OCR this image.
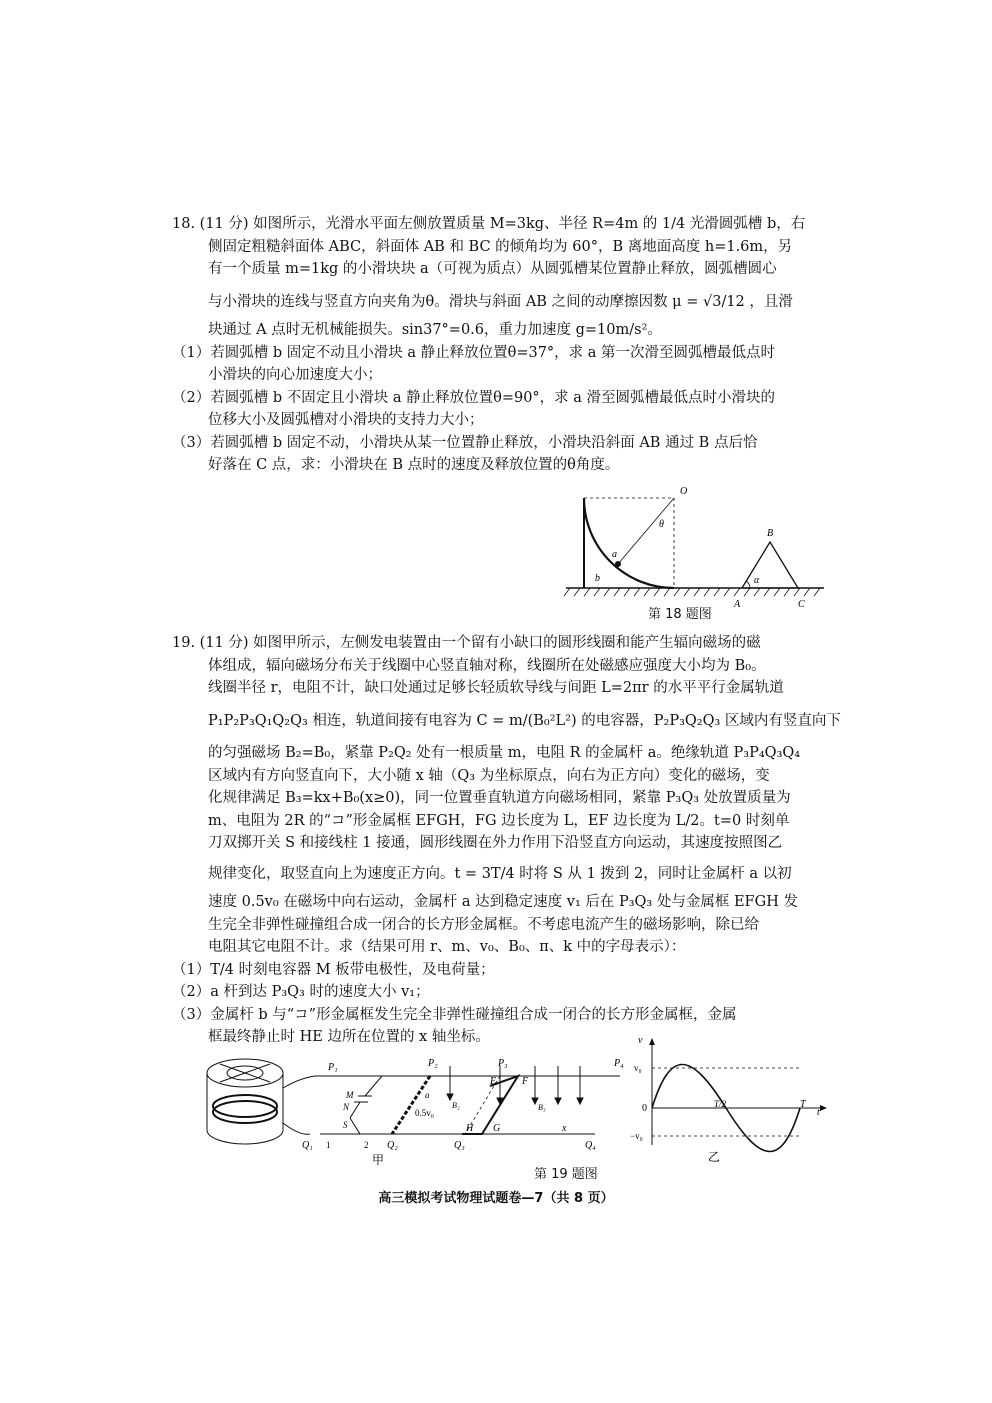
18. (11 分) 如图所示，光滑水平面左侧放置质量 M=3kg、半径 R=4m 的 1/4 光滑圆弧槽 b，右
侧固定粗糙斜面体 ABC，斜面体 AB 和 BC 的倾角均为 60°，B 离地面高度 h=1.6m，另
有一个质量 m=1kg 的小滑块块 a（可视为质点）从圆弧槽某位置静止释放，圆弧槽圆心
与小滑块的连线与竖直方向夹角为θ。滑块与斜面 AB 之间的动摩擦因数 μ = √3/12 ，且滑
块通过 A 点时无机械能损失。sin37°=0.6，重力加速度 g=10m/s²。
（1）若圆弧槽 b 固定不动且小滑块 a 静止释放位置θ=37°，求 a 第一次滑至圆弧槽最低点时
小滑块的向心加速度大小；
（2）若圆弧槽 b 不固定且小滑块 a 静止释放位置θ=90°，求 a 滑至圆弧槽最低点时小滑块的
位移大小及圆弧槽对小滑块的支持力大小；
（3）若圆弧槽 b 固定不动，小滑块从某一位置静止释放，小滑块沿斜面 AB 通过 B 点后恰
好落在 C 点，求：小滑块在 B 点时的速度及释放位置的θ角度。
O
θ
a
b
B
α
A	C
第 18 题图
19. (11 分) 如图甲所示，左侧发电装置由一个留有小缺口的圆形线圈和能产生辐向磁场的磁
体组成，辐向磁场分布关于线圈中心竖直轴对称，线圈所在处磁感应强度大小均为 B₀。
线圈半径 r，电阻不计，缺口处通过足够长轻质软导线与间距 L=2πr 的水平平行金属轨道
P₁P₂P₃Q₁Q₂Q₃ 相连，轨道间接有电容为 C = m/(B₀²L²) 的电容器，P₂P₃Q₂Q₃ 区域内有竖直向下
的匀强磁场 B₂=B₀，紧靠 P₂Q₂ 处有一根质量 m，电阻 R 的金属杆 a。绝缘轨道 P₃P₄Q₃Q₄
区域内有方向竖直向下，大小随 x 轴（Q₃ 为坐标原点，向右为正方向）变化的磁场，变
化规律满足 B₃=kx+B₀(x≥0)，同一位置垂直轨道方向磁场相同，紧靠 P₃Q₃ 处放置质量为
m、电阻为 2R 的“コ”形金属框 EFGH，FG 边长度为 L，EF 边长度为 L/2。t=0 时刻单
刀双掷开关 S 和接线柱 1 接通，圆形线圈在外力作用下沿竖直方向运动，其速度按照图乙
规律变化，取竖直向上为速度正方向。t = 3T/4 时将 S 从 1 拨到 2，同时让金属杆 a 以初
速度 0.5v₀ 在磁场中向右运动，金属杆 a 达到稳定速度 v₁ 后在 P₃Q₃ 处与金属框 EFGH 发
生完全非弹性碰撞组合成一闭合的长方形金属框。不考虑电流产生的磁场影响，除已给
电阻其它电阻不计。求（结果可用 r、m、v₀、B₀、π、k 中的字母表示）：
（1）T/4 时刻电容器 M 板带电极性，及电荷量；
（2）a 杆到达 P₃Q₃ 时的速度大小 v₁；
（3）金属杆 b 与“コ”形金属框发生完全非弹性碰撞组合成一闭合的长方形金属框，金属
框最终静止时 HE 边所在位置的 x 轴坐标。
P₁	P₂	P₃	P₄
Q₁ 1	2 Q₂	Q₃	Q₄
M
N
S
a
0.5v₀
B₂	B₃
E	F
H G	x
甲
v
v₀
−v₀
0	T/2	T
t
乙
第 19 题图
高三模拟考试物理试题卷—7（共 8 页）
